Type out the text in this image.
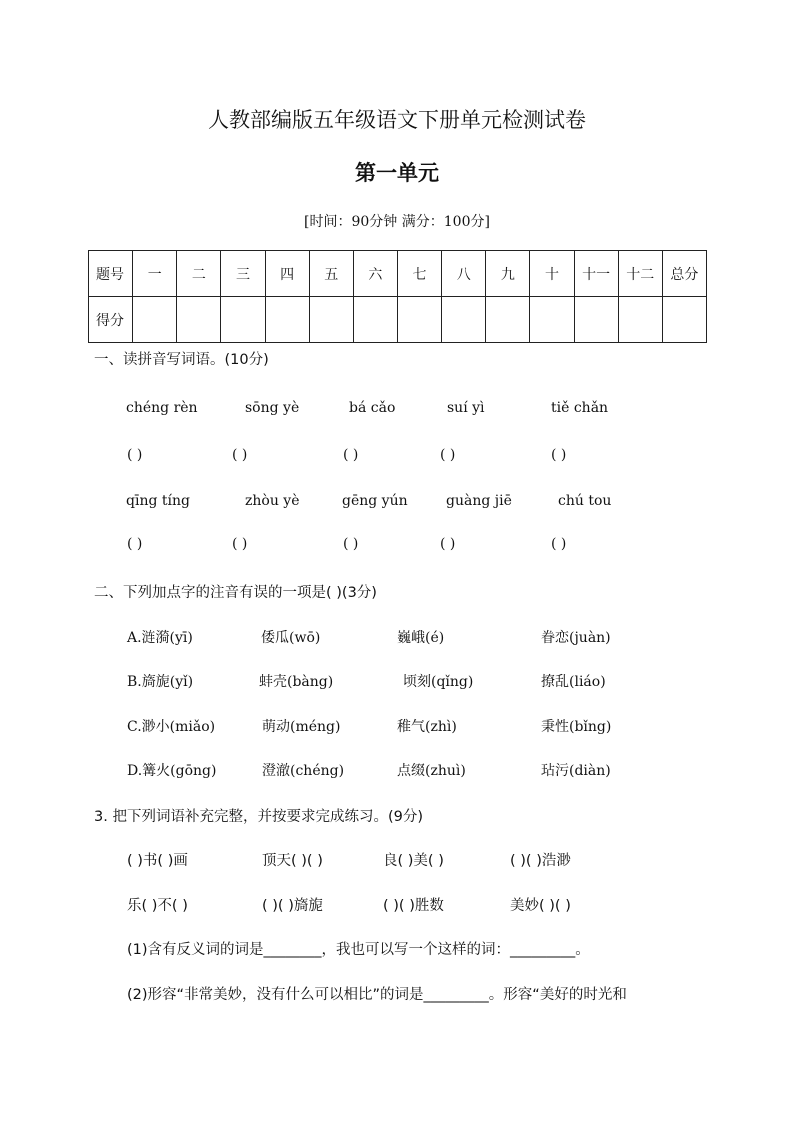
人教部编版五年级语文下册单元检测试卷
第一单元
[时间：90分钟 满分：100分]
题号	一	二	三	四	五	六	七	八	九	十	十一	十二	总分
得分													
一、读拼音写词语。(10分)
chéng rèn	sōng yè	bá cǎo	suí yì	tiě chǎn
( )	( )	( )	( )	( )
qīng tíng	zhòu yè	gēng yún	guàng jiē	chú tou
( )	( )	( )	( )	( )
二、下列加点字的注音有误的一项是( )(3分)
A.涟漪(yī)	倭瓜(wō)	巍峨(é)	眷恋(juàn)
B.旖旎(yǐ)	蚌壳(bàng)	顷刻(qǐng)	撩乱(liáo)
C.渺小(miǎo)	萌动(méng)	稚气(zhì)	秉性(bǐng)
D.篝火(gōng)	澄澈(chéng)	点缀(zhuì)	玷污(diàn)
3. 把下列词语补充完整，并按要求完成练习。(9分)
( )书( )画	顶天( )( )	良( )美( )	( )( )浩渺
乐( )不( )	( )( )旖旎	( )( )胜数	美妙( )( )
(1)含有反义词的词是________，我也可以写一个这样的词：_________。
(2)形容“非常美妙，没有什么可以相比”的词是_________。形容“美好的时光和
